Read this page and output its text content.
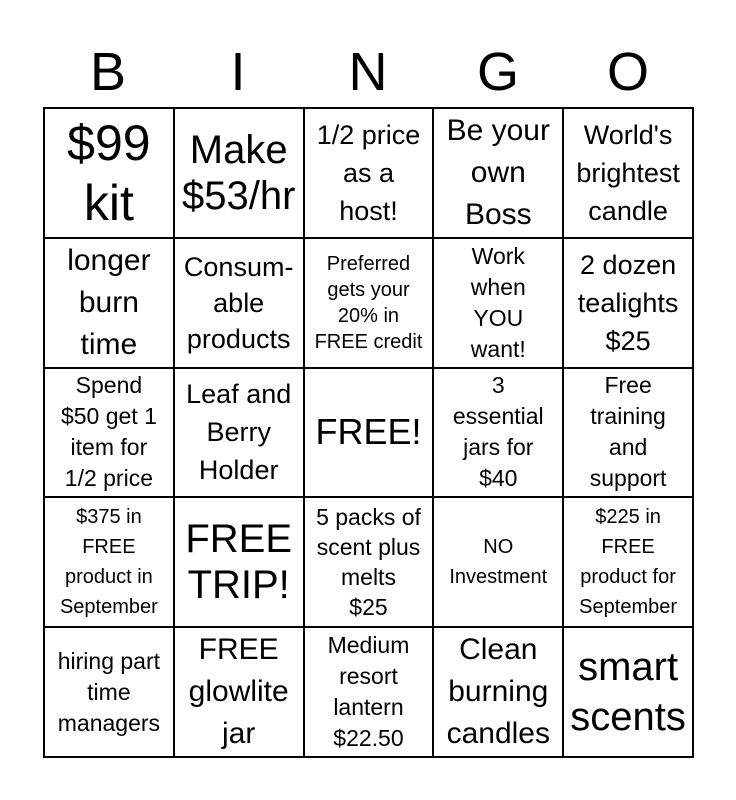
B	I	N	G	O
$99
kit
Make
$53/hr
1/2 price
as a
host!
Be your
own
Boss
World's
brightest
candle
longer
burn
time
Consum-
able
products
Preferred
gets your
20% in
FREE credit
Work
when
YOU
want!
2 dozen
tealights
$25
Spend
$50 get 1
item for
1/2 price
Leaf and
Berry
Holder
FREE!
3
essential
jars for
$40
Free
training
and
support
$375 in
FREE
product in
September
FREE
TRIP!
5 packs of
scent plus
melts
$25
NO
Investment
$225 in
FREE
product for
September
hiring part
time
managers
FREE
glowlite
jar
Medium
resort
lantern
$22.50
Clean
burning
candles
smart
scents
